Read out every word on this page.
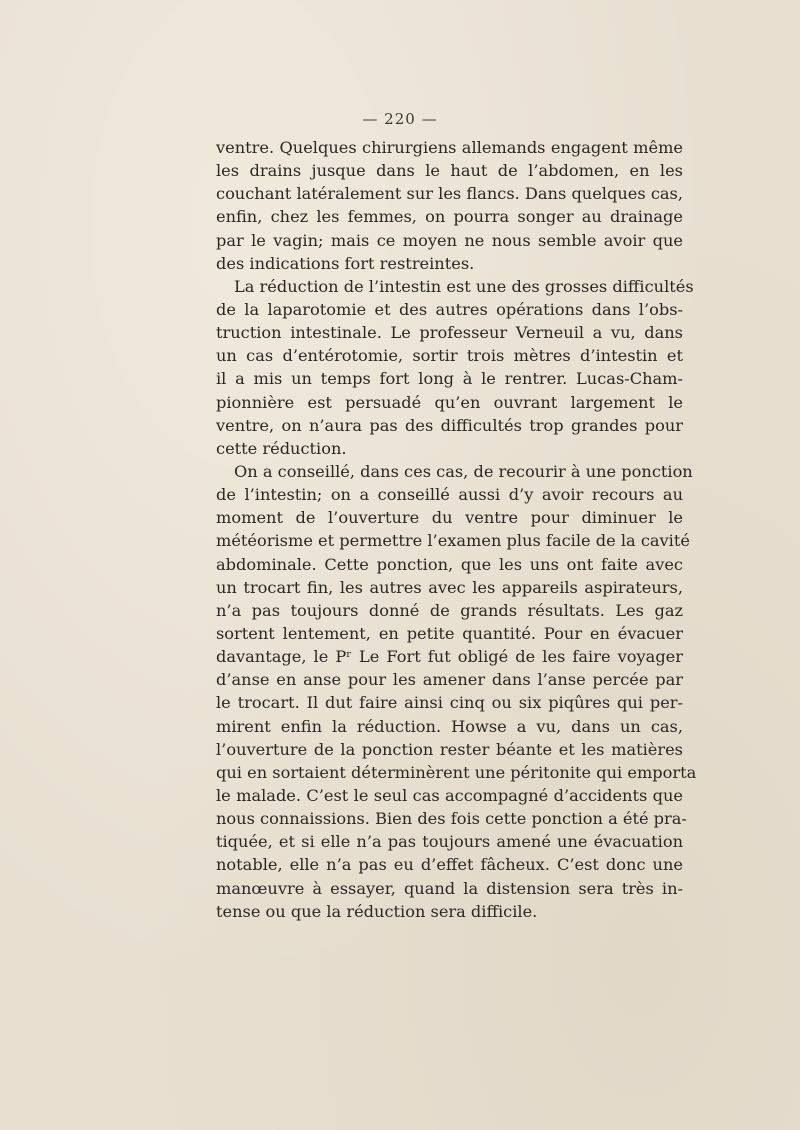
— 220 —

ventre. Quelques chirurgiens allemands engagent même
les drains jusque dans le haut de l’abdomen, en les
couchant latéralement sur les flancs. Dans quelques cas,
enfin, chez les femmes, on pourra songer au drainage
par le vagin; mais ce moyen ne nous semble avoir que
des indications fort restreintes.

La réduction de l’intestin est une des grosses difficultés
de la laparotomie et des autres opérations dans l’obs-
truction intestinale. Le professeur Verneuil a vu, dans
un cas d’entérotomie, sortir trois mètres d’intestin et
il a mis un temps fort long à le rentrer. Lucas-Cham-
pionnière est persuadé qu’en ouvrant largement le
ventre, on n’aura pas des difficultés trop grandes pour
cette réduction.

On a conseillé, dans ces cas, de recourir à une ponction
de l’intestin; on a conseillé aussi d’y avoir recours au
moment de l’ouverture du ventre pour diminuer le
météorisme et permettre l’examen plus facile de la cavité
abdominale. Cette ponction, que les uns ont faite avec
un trocart fin, les autres avec les appareils aspirateurs,
n’a pas toujours donné de grands résultats. Les gaz
sortent lentement, en petite quantité. Pour en évacuer
davantage, le Pʳ Le Fort fut obligé de les faire voyager
d’anse en anse pour les amener dans l’anse percée par
le trocart. Il dut faire ainsi cinq ou six piqûres qui per-
mirent enfin la réduction. Howse a vu, dans un cas,
l’ouverture de la ponction rester béante et les matières
qui en sortaient déterminèrent une péritonite qui emporta
le malade. C’est le seul cas accompagné d’accidents que
nous connaissions. Bien des fois cette ponction a été pra-
tiquée, et si elle n’a pas toujours amené une évacuation
notable, elle n’a pas eu d’effet fâcheux. C’est donc une
manœuvre à essayer, quand la distension sera très in-
tense ou que la réduction sera difficile.
